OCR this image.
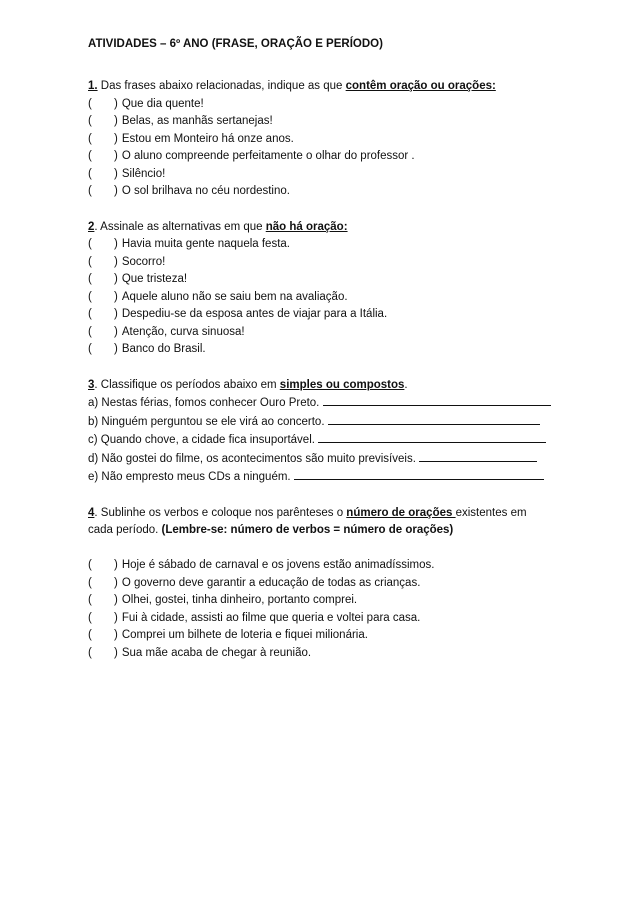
ATIVIDADES – 6º ANO (FRASE, ORAÇÃO E PERÍODO)
1. Das frases abaixo relacionadas, indique as que contêm oração ou orações:
(	) Que dia quente!
(	) Belas, as manhãs sertanejas!
(	) Estou em Monteiro há onze anos.
(	) O aluno compreende perfeitamente o olhar do professor .
(	) Silêncio!
(	) O sol brilhava no céu nordestino.
2. Assinale as alternativas em que não há oração:
(	) Havia muita gente naquela festa.
(	) Socorro!
(	) Que tristeza!
(	) Aquele aluno não se saiu bem na avaliação.
(	) Despediu-se da esposa antes de viajar para a Itália.
(	) Atenção, curva sinuosa!
(	) Banco do Brasil.
3. Classifique os períodos abaixo em simples ou compostos.
a) Nestas férias, fomos conhecer Ouro Preto.
b) Ninguém perguntou se ele virá ao concerto.
c) Quando chove, a cidade fica insuportável.
d) Não gostei do filme, os acontecimentos são muito previsíveis.
e) Não empresto meus CDs a ninguém.
4. Sublinhe os verbos e coloque nos parênteses o número de orações existentes em
cada período. (Lembre-se: número de verbos = número de orações)
(	) Hoje é sábado de carnaval e os jovens estão animadíssimos.
(	) O governo deve garantir a educação de todas as crianças.
(	) Olhei, gostei, tinha dinheiro, portanto comprei.
(	) Fui à cidade, assisti ao filme que queria e voltei para casa.
(	) Comprei um bilhete de loteria e fiquei milionária.
(	) Sua mãe acaba de chegar à reunião.
